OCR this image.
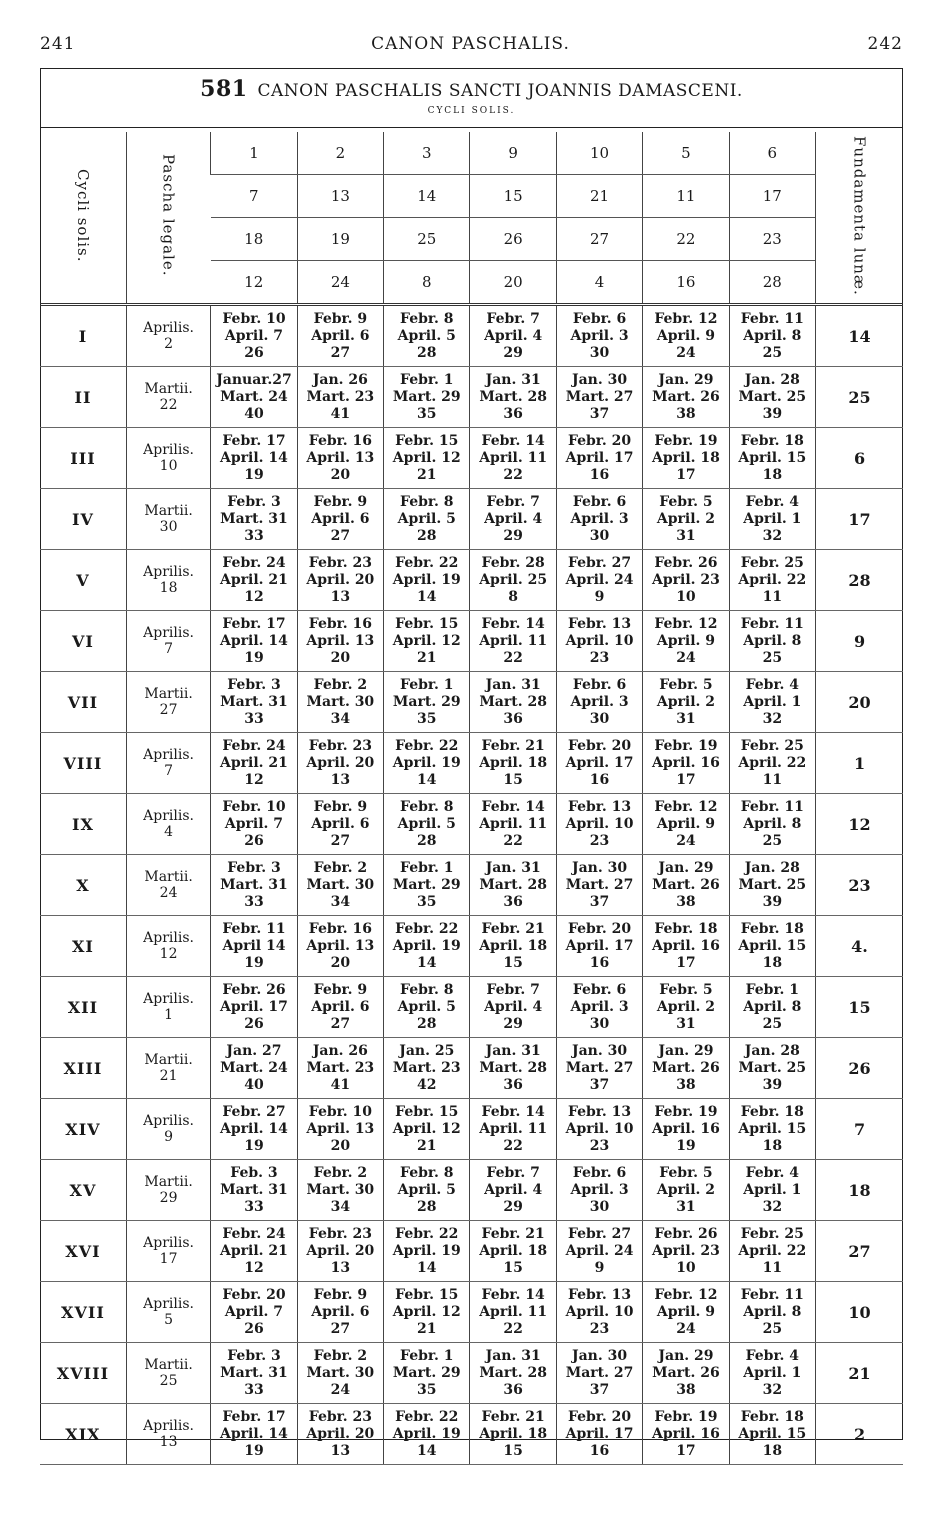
241	CANON PASCHALIS.	242
581 CANON PASCHALIS SANCTI JOANNIS DAMASCENI.
CYCLI SOLIS.
Cycli solis.	Pascha legale.	1	2	3	9	10	5	6	Fundamenta lunæ.
		7	13	14	15	21	11	17	
		18	19	25	26	27	22	23	
		12	24	8	20	4	16	28	
I	Aprilis.
2	Febr. 10
April. 7
26	Febr. 9
April. 6
27	Febr. 8
April. 5
28	Febr. 7
April. 4
29	Febr. 6
April. 3
30	Febr. 12
April. 9
24	Febr. 11
April. 8
25	14
II	Martii.
22	Januar.27
Mart. 24
40	Jan. 26
Mart. 23
41	Febr. 1
Mart. 29
35	Jan. 31
Mart. 28
36	Jan. 30
Mart. 27
37	Jan. 29
Mart. 26
38	Jan. 28
Mart. 25
39	25
III	Aprilis.
10	Febr. 17
April. 14
19	Febr. 16
April. 13
20	Febr. 15
April. 12
21	Febr. 14
April. 11
22	Febr. 20
April. 17
16	Febr. 19
April. 18
17	Febr. 18
April. 15
18	6
IV	Martii.
30	Febr. 3
Mart. 31
33	Febr. 9
April. 6
27	Febr. 8
April. 5
28	Febr. 7
April. 4
29	Febr. 6
April. 3
30	Febr. 5
April. 2
31	Febr. 4
April. 1
32	17
V	Aprilis.
18	Febr. 24
April. 21
12	Febr. 23
April. 20
13	Febr. 22
April. 19
14	Febr. 28
April. 25
8	Febr. 27
April. 24
9	Febr. 26
April. 23
10	Febr. 25
April. 22
11	28
VI	Aprilis.
7	Febr. 17
April. 14
19	Febr. 16
April. 13
20	Febr. 15
April. 12
21	Febr. 14
April. 11
22	Febr. 13
April. 10
23	Febr. 12
April. 9
24	Febr. 11
April. 8
25	9
VII	Martii.
27	Febr. 3
Mart. 31
33	Febr. 2
Mart. 30
34	Febr. 1
Mart. 29
35	Jan. 31
Mart. 28
36	Febr. 6
April. 3
30	Febr. 5
April. 2
31	Febr. 4
April. 1
32	20
VIII	Aprilis.
7	Febr. 24
April. 21
12	Febr. 23
April. 20
13	Febr. 22
April. 19
14	Febr. 21
April. 18
15	Febr. 20
April. 17
16	Febr. 19
April. 16
17	Febr. 25
April. 22
11	1
IX	Aprilis.
4	Febr. 10
April. 7
26	Febr. 9
April. 6
27	Febr. 8
April. 5
28	Febr. 14
April. 11
22	Febr. 13
April. 10
23	Febr. 12
April. 9
24	Febr. 11
April. 8
25	12
X	Martii.
24	Febr. 3
Mart. 31
33	Febr. 2
Mart. 30
34	Febr. 1
Mart. 29
35	Jan. 31
Mart. 28
36	Jan. 30
Mart. 27
37	Jan. 29
Mart. 26
38	Jan. 28
Mart. 25
39	23
XI	Aprilis.
12	Febr. 11
April 14
19	Febr. 16
April. 13
20	Febr. 22
April. 19
14	Febr. 21
April. 18
15	Febr. 20
April. 17
16	Febr. 18
April. 16
17	Febr. 18
April. 15
18	4.
XII	Aprilis.
1	Febr. 26
April. 17
26	Febr. 9
April. 6
27	Febr. 8
April. 5
28	Febr. 7
April. 4
29	Febr. 6
April. 3
30	Febr. 5
April. 2
31	Febr. 1
April. 8
25	15
XIII	Martii.
21	Jan. 27
Mart. 24
40	Jan. 26
Mart. 23
41	Jan. 25
Mart. 23
42	Jan. 31
Mart. 28
36	Jan. 30
Mart. 27
37	Jan. 29
Mart. 26
38	Jan. 28
Mart. 25
39	26
XIV	Aprilis.
9	Febr. 27
April. 14
19	Febr. 10
April. 13
20	Febr. 15
April. 12
21	Febr. 14
April. 11
22	Febr. 13
April. 10
23	Febr. 19
April. 16
19	Febr. 18
April. 15
18	7
XV	Martii.
29	Feb. 3
Mart. 31
33	Febr. 2
Mart. 30
34	Febr. 8
April. 5
28	Febr. 7
April. 4
29	Febr. 6
April. 3
30	Febr. 5
April. 2
31	Febr. 4
April. 1
32	18
XVI	Aprilis.
17	Febr. 24
April. 21
12	Febr. 23
April. 20
13	Febr. 22
April. 19
14	Febr. 21
April. 18
15	Febr. 27
April. 24
9	Febr. 26
April. 23
10	Febr. 25
April. 22
11	27
XVII	Aprilis.
5	Febr. 20
April. 7
26	Febr. 9
April. 6
27	Febr. 15
April. 12
21	Febr. 14
April. 11
22	Febr. 13
April. 10
23	Febr. 12
April. 9
24	Febr. 11
April. 8
25	10
XVIII	Martii.
25	Febr. 3
Mart. 31
33	Febr. 2
Mart. 30
24	Febr. 1
Mart. 29
35	Jan. 31
Mart. 28
36	Jan. 30
Mart. 27
37	Jan. 29
Mart. 26
38	Febr. 4
April. 1
32	21
XIX	Aprilis.
13	Febr. 17
April. 14
19	Febr. 23
April. 20
13	Febr. 22
April. 19
14	Febr. 21
April. 18
15	Febr. 20
April. 17
16	Febr. 19
April. 16
17	Febr. 18
April. 15
18	2
